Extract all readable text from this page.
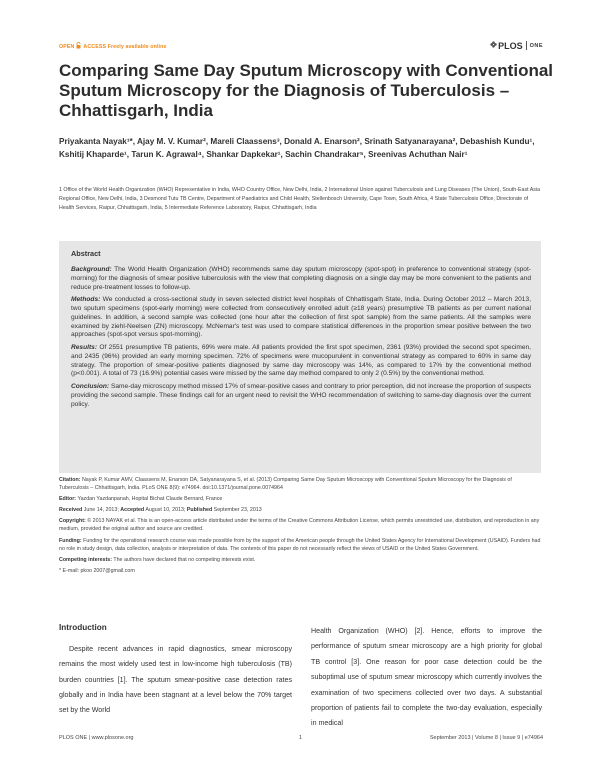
OPEN ACCESS Freely available online	PLOS ONE
Comparing Same Day Sputum Microscopy with Conventional Sputum Microscopy for the Diagnosis of Tuberculosis – Chhattisgarh, India
Priyakanta Nayak¹*, Ajay M. V. Kumar², Mareli Claassens³, Donald A. Enarson², Srinath Satyanarayana², Debashish Kundu¹, Kshitij Khaparde¹, Tarun K. Agrawal⁴, Shankar Dapkekar¹, Sachin Chandrakar⁵, Sreenivas Achuthan Nair¹
1 Office of the World Health Organization (WHO) Representative in India, WHO Country Office, New Delhi, India, 2 International Union against Tuberculosis and Lung Diseases (The Union), South-East Asia Regional Office, New Delhi, India, 3 Desmond Tutu TB Centre, Department of Paediatrics and Child Health, Stellenbosch University, Cape Town, South Africa, 4 State Tuberculosis Office, Directorate of Health Services, Raipur, Chhattisgarh, India, 5 Intermediate Reference Laboratory, Raipur, Chhattisgarh, India
Abstract

Background: The World Health Organization (WHO) recommends same day sputum microscopy (spot-spot) in preference to conventional strategy (spot-morning) for the diagnosis of smear positive tuberculosis with the view that completing diagnosis on a single day may be more convenient to the patients and reduce pre-treatment losses to follow-up.

Methods: We conducted a cross-sectional study in seven selected district level hospitals of Chhattisgarh State, India. During October 2012 – March 2013, two sputum specimens (spot-early morning) were collected from consecutively enrolled adult (≥18 years) presumptive TB patients as per current national guidelines. In addition, a second sample was collected (one hour after the collection of first spot sample) from the same patients. All the samples were examined by ziehl-Neelsen (ZN) microscopy. McNemar's test was used to compare statistical differences in the proportion smear positive between the two approaches (spot-spot versus spot-morning).

Results: Of 2551 presumptive TB patients, 69% were male. All patients provided the first spot specimen, 2361 (93%) provided the second spot specimen, and 2435 (96%) provided an early morning specimen. 72% of specimens were mucopurulent in conventional strategy as compared to 60% in same day strategy. The proportion of smear-positive patients diagnosed by same day microscopy was 14%, as compared to 17% by the conventional method (p<0.001). A total of 73 (16.9%) potential cases were missed by the same day method compared to only 2 (0.5%) by the conventional method.

Conclusion: Same-day microscopy method missed 17% of smear-positive cases and contrary to prior perception, did not increase the proportion of suspects providing the second sample. These findings call for an urgent need to revisit the WHO recommendation of switching to same-day diagnosis over the current policy.

Citation: Nayak P, Kumar AMV, Claassens M, Enarson DA, Satyanarayana S, et al. (2013) Comparing Same Day Sputum Microscopy with Conventional Sputum Microscopy for the Diagnosis of Tuberculosis – Chhattisgarh, India. PLoS ONE 8(9): e74964. doi:10.1371/journal.pone.0074964
Editor: Yazdan Yazdanpanah, Hopital Bichat Claude Bernard, France
Received June 14, 2013; Accepted August 10, 2013; Published September 23, 2013
Copyright: © 2013 NAYAK et al. This is an open-access article distributed under the terms of the Creative Commons Attribution License, which permits unrestricted use, distribution, and reproduction in any medium, provided the original author and source are credited.
Funding: Funding for the operational research course was made possible from by the support of the American people through the United States Agency for International Development (USAID). Funders had no role in study design, data collection, analysis or interpretation of data. The contents of this paper do not necessarily reflect the views of USAID or the United States Government.
Competing interests: The authors have declared that no competing interests exist.
* E-mail: pkoo 2007@gmail.com
Introduction

Despite recent advances in rapid diagnostics, smear microscopy remains the most widely used test in low-income high tuberculosis (TB) burden countries [1]. The sputum smear-positive case detection rates globally and in India have been stagnant at a level below the 70% target set by the World

Health Organization (WHO) [2]. Hence, efforts to improve the performance of sputum smear microscopy are a high priority for global TB control [3]. One reason for poor case detection could be the suboptimal use of sputum smear microscopy which currently involves the examination of two specimens collected over two days. A substantial proportion of patients fail to complete the two-day evaluation, especially in medical

PLOS ONE | www.plosone.org	1	September 2013 | Volume 8 | Issue 9 | e74964
